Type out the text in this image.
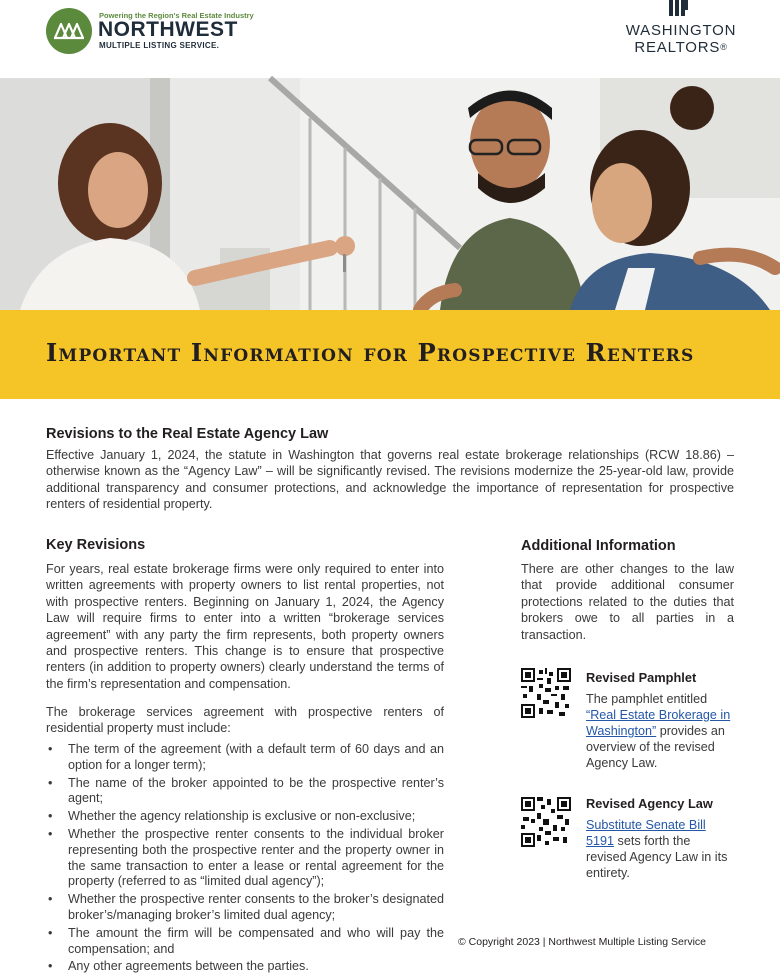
Powering the Region's Real Estate Industry
NORTHWEST
MULTIPLE LISTING SERVICE.
WASHINGTON
REALTORS®
Important Information for Prospective Renters
Revisions to the Real Estate Agency Law
Effective January 1, 2024, the statute in Washington that governs real estate brokerage relationships (RCW 18.86) – otherwise known as the “Agency Law” – will be significantly revised. The revisions modernize the 25-year-old law, provide additional transparency and consumer protections, and acknowledge the importance of representation for prospective renters of residential property.
Key Revisions
For years, real estate brokerage firms were only required to enter into written agreements with property owners to list rental properties, not with prospective renters. Beginning on January 1, 2024, the Agency Law will require firms to enter into a written “brokerage services agreement” with any party the firm represents, both property owners and prospective renters. This change is to ensure that prospective renters (in addition to property owners) clearly understand the terms of the firm’s representation and compensation.
The brokerage services agreement with prospective renters of residential property must include:
• The term of the agreement (with a default term of 60 days and an option for a longer term);
• The name of the broker appointed to be the prospective renter’s agent;
• Whether the agency relationship is exclusive or non-exclusive;
• Whether the prospective renter consents to the individual broker representing both the prospective renter and the property owner in the same transaction to enter a lease or rental agreement for the property (referred to as “limited dual agency”);
• Whether the prospective renter consents to the broker’s designated broker’s/managing broker’s limited dual agency;
• The amount the firm will be compensated and who will pay the compensation; and
• Any other agreements between the parties.
Additional Information
There are other changes to the law that provide additional consumer protections related to the duties that brokers owe to all parties in a transaction.
Revised Pamphlet
The pamphlet entitled “Real Estate Brokerage in Washington” provides an overview of the revised Agency Law.
Revised Agency Law
Substitute Senate Bill 5191 sets forth the revised Agency Law in its entirety.
© Copyright 2023 | Northwest Multiple Listing Service
